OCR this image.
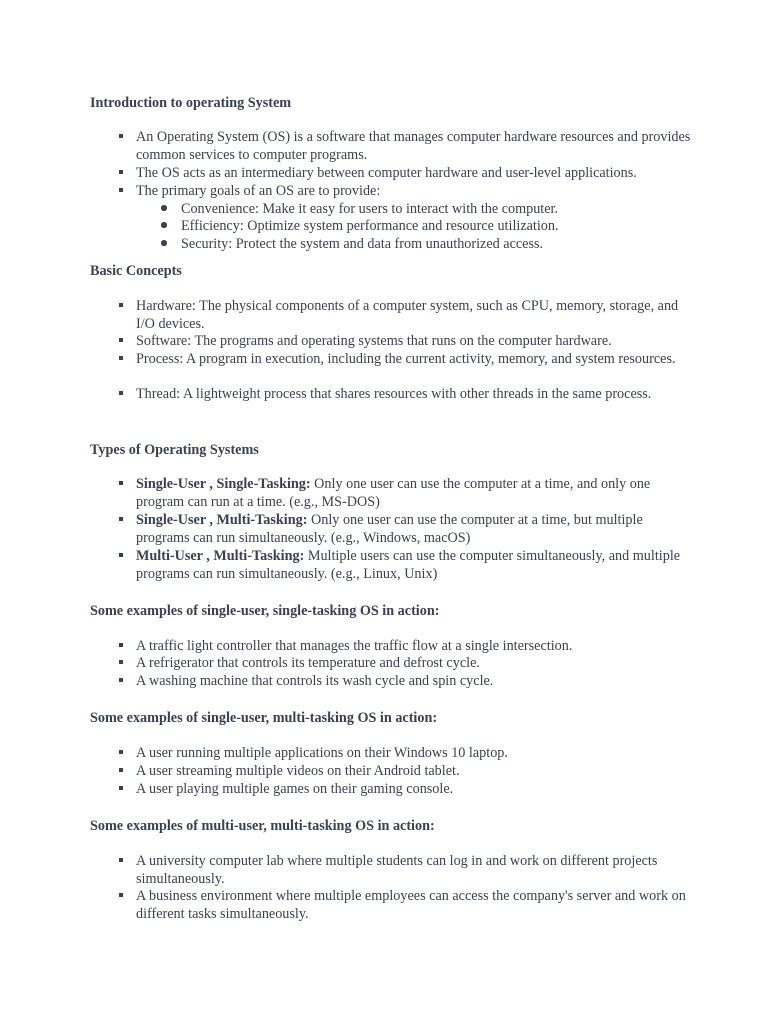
Introduction to operating System
An Operating System (OS) is a software that manages computer hardware resources and provides common services to computer programs.
The OS acts as an intermediary between computer hardware and user-level applications.
The primary goals of an OS are to provide:
Convenience: Make it easy for users to interact with the computer.
Efficiency: Optimize system performance and resource utilization.
Security: Protect the system and data from unauthorized access.
Basic Concepts
Hardware: The physical components of a computer system, such as CPU, memory, storage, and I/O devices.
Software: The programs and operating systems that runs on the computer hardware.
Process: A program in execution, including the current activity, memory, and system resources.
Thread: A lightweight process that shares resources with other threads in the same process.
Types of Operating Systems
Single-User , Single-Tasking: Only one user can use the computer at a time, and only one program can run at a time. (e.g., MS-DOS)
Single-User , Multi-Tasking: Only one user can use the computer at a time, but multiple programs can run simultaneously. (e.g., Windows, macOS)
Multi-User , Multi-Tasking: Multiple users can use the computer simultaneously, and multiple programs can run simultaneously. (e.g., Linux, Unix)
Some examples of single-user, single-tasking OS in action:
A traffic light controller that manages the traffic flow at a single intersection.
A refrigerator that controls its temperature and defrost cycle.
A washing machine that controls its wash cycle and spin cycle.
Some examples of single-user, multi-tasking OS in action:
A user running multiple applications on their Windows 10 laptop.
A user streaming multiple videos on their Android tablet.
A user playing multiple games on their gaming console.
Some examples of multi-user, multi-tasking OS in action:
A university computer lab where multiple students can log in and work on different projects simultaneously.
A business environment where multiple employees can access the company's server and work on different tasks simultaneously.
